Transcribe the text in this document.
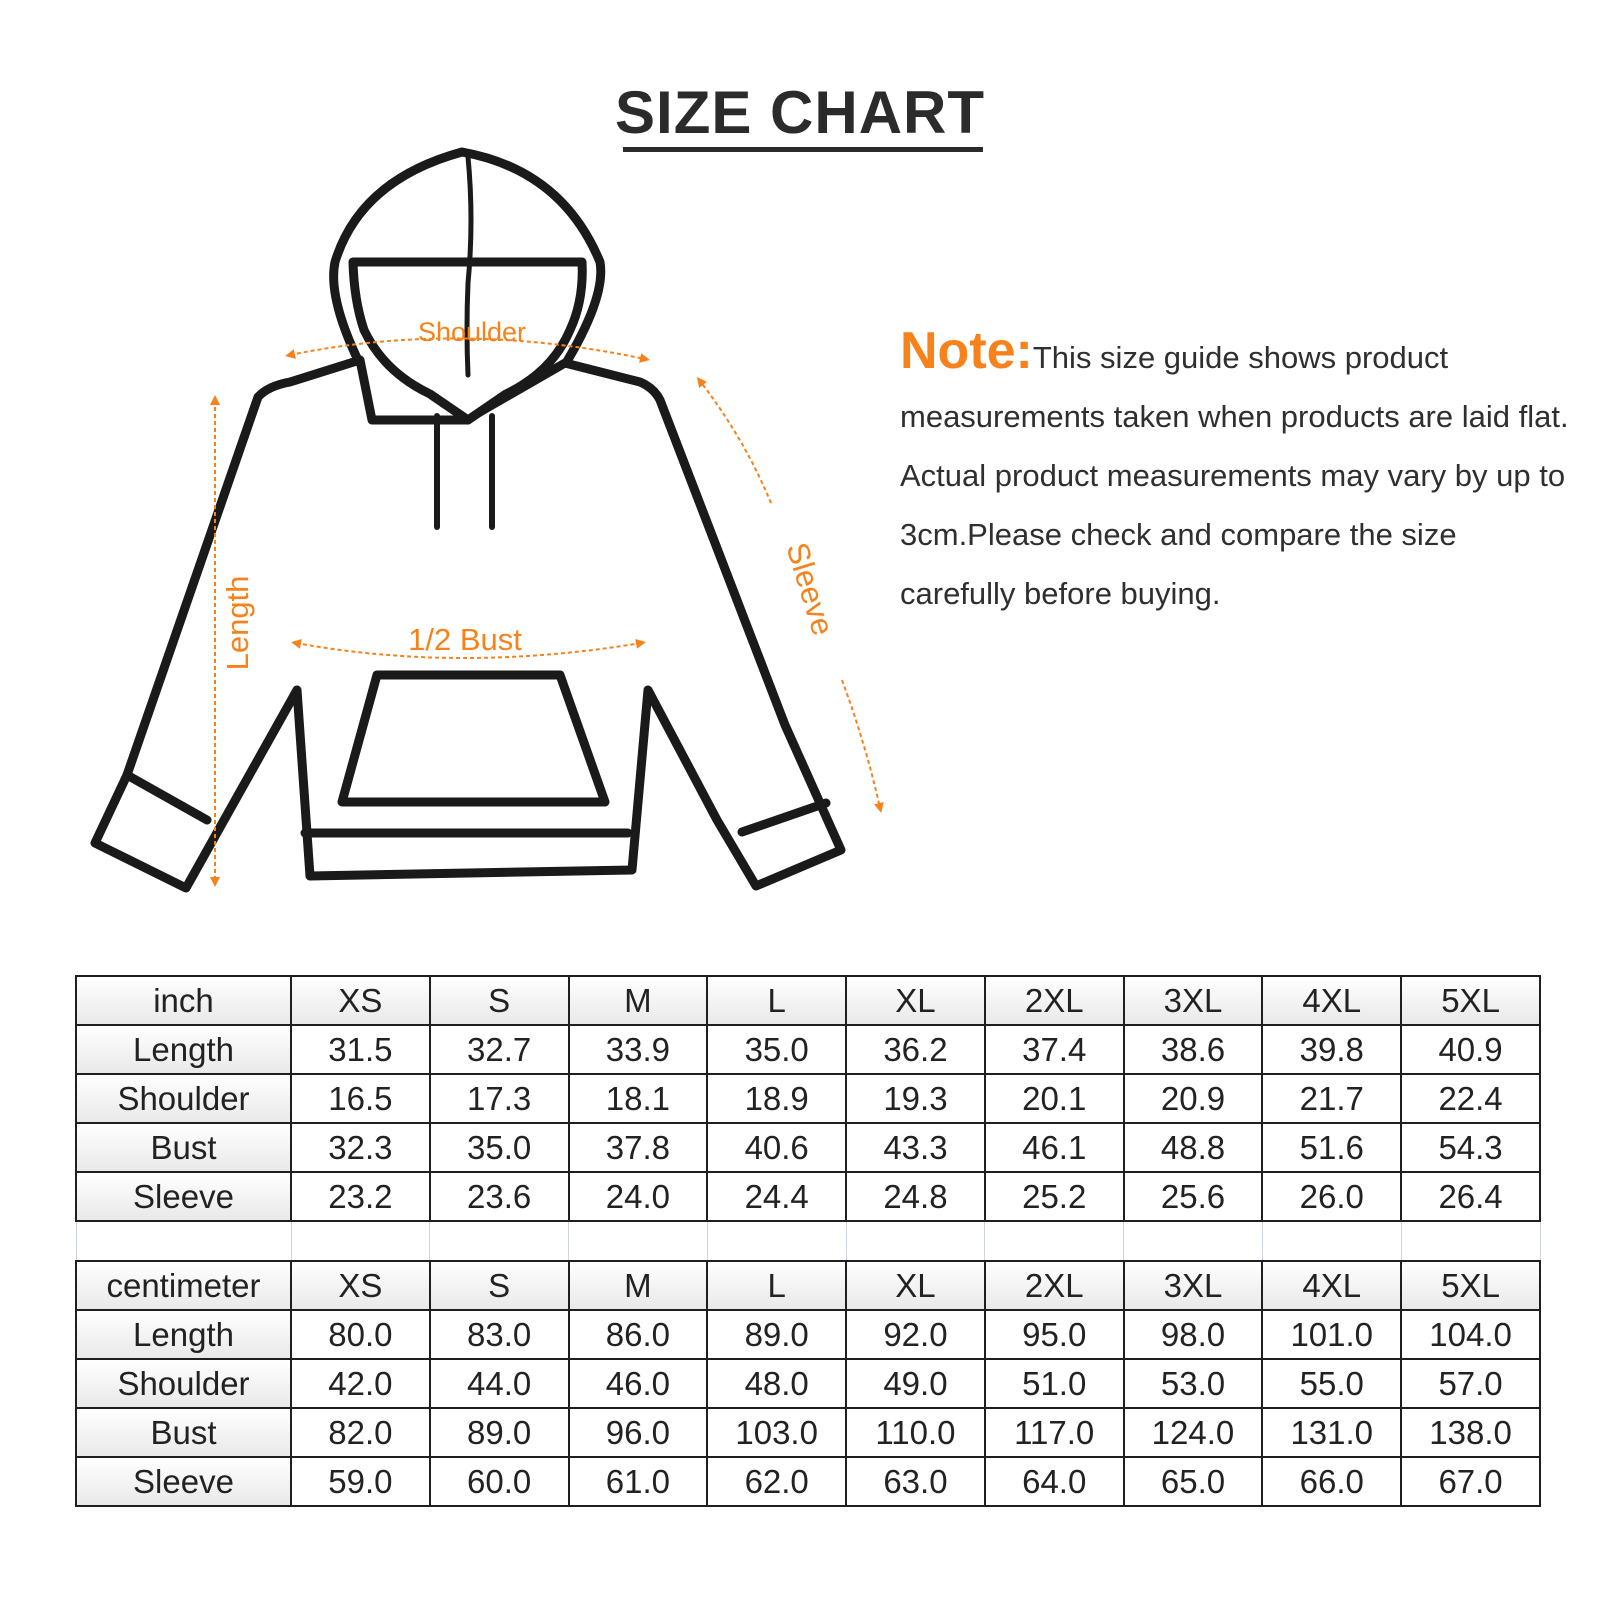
SIZE CHART
Shoulder
Length	1/2 Bust
Sleeve
Note:This size guide shows product measurements taken when products are laid flat. Actual product measurements may vary by up to 3cm.Please check and compare the size carefully before buying.
inch	XS	S	M	L	XL	2XL	3XL	4XL	5XL
Length	31.5	32.7	33.9	35.0	36.2	37.4	38.6	39.8	40.9
Shoulder	16.5	17.3	18.1	18.9	19.3	20.1	20.9	21.7	22.4
Bust	32.3	35.0	37.8	40.6	43.3	46.1	48.8	51.6	54.3
Sleeve	23.2	23.6	24.0	24.4	24.8	25.2	25.6	26.0	26.4

centimeter	XS	S	M	L	XL	2XL	3XL	4XL	5XL
Length	80.0	83.0	86.0	89.0	92.0	95.0	98.0	101.0	104.0
Shoulder	42.0	44.0	46.0	48.0	49.0	51.0	53.0	55.0	57.0
Bust	82.0	89.0	96.0	103.0	110.0	117.0	124.0	131.0	138.0
Sleeve	59.0	60.0	61.0	62.0	63.0	64.0	65.0	66.0	67.0
